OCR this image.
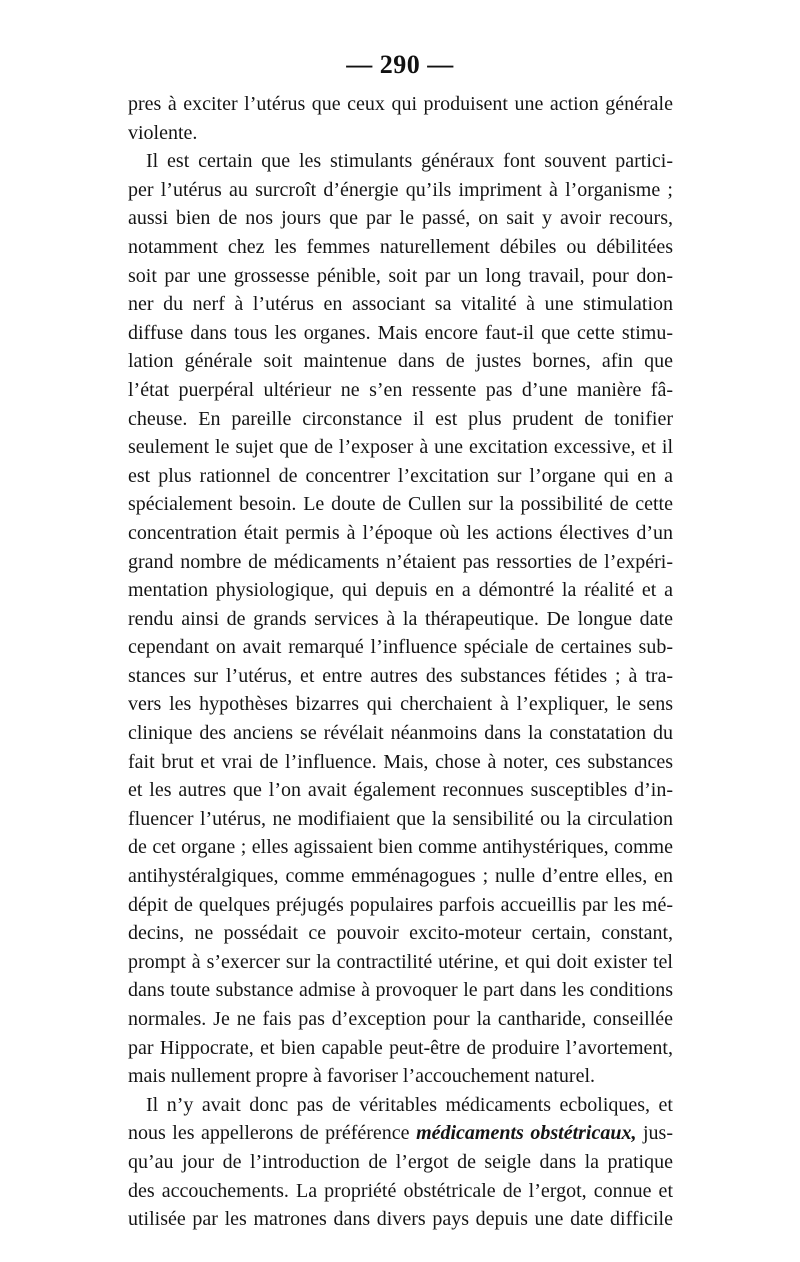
— 290 —
pres à exciter l’utérus que ceux qui produisent une action générale
violente.
Il est certain que les stimulants généraux font souvent partici-
per l’utérus au surcroît d’énergie qu’ils impriment à l’organisme ;
aussi bien de nos jours que par le passé, on sait y avoir recours,
notamment chez les femmes naturellement débiles ou débilitées
soit par une grossesse pénible, soit par un long travail, pour don-
ner du nerf à l’utérus en associant sa vitalité à une stimulation
diffuse dans tous les organes. Mais encore faut-il que cette stimu-
lation générale soit maintenue dans de justes bornes, afin que
l’état puerpéral ultérieur ne s’en ressente pas d’une manière fâ-
cheuse. En pareille circonstance il est plus prudent de tonifier
seulement le sujet que de l’exposer à une excitation excessive, et il
est plus rationnel de concentrer l’excitation sur l’organe qui en a
spécialement besoin. Le doute de Cullen sur la possibilité de cette
concentration était permis à l’époque où les actions électives d’un
grand nombre de médicaments n’étaient pas ressorties de l’expéri-
mentation physiologique, qui depuis en a démontré la réalité et a
rendu ainsi de grands services à la thérapeutique. De longue date
cependant on avait remarqué l’influence spéciale de certaines sub-
stances sur l’utérus, et entre autres des substances fétides ; à tra-
vers les hypothèses bizarres qui cherchaient à l’expliquer, le sens
clinique des anciens se révélait néanmoins dans la constatation du
fait brut et vrai de l’influence. Mais, chose à noter, ces substances
et les autres que l’on avait également reconnues susceptibles d’in-
fluencer l’utérus, ne modifiaient que la sensibilité ou la circulation
de cet organe ; elles agissaient bien comme antihystériques, comme
antihystéralgiques, comme emménagogues ; nulle d’entre elles, en
dépit de quelques préjugés populaires parfois accueillis par les mé-
decins, ne possédait ce pouvoir excito-moteur certain, constant,
prompt à s’exercer sur la contractilité utérine, et qui doit exister tel
dans toute substance admise à provoquer le part dans les conditions
normales. Je ne fais pas d’exception pour la cantharide, conseillée
par Hippocrate, et bien capable peut-être de produire l’avortement,
mais nullement propre à favoriser l’accouchement naturel.
Il n’y avait donc pas de véritables médicaments ecboliques, et
nous les appellerons de préférence médicaments obstétricaux, jus-
qu’au jour de l’introduction de l’ergot de seigle dans la pratique
des accouchements. La propriété obstétricale de l’ergot, connue et
utilisée par les matrones dans divers pays depuis une date difficile
